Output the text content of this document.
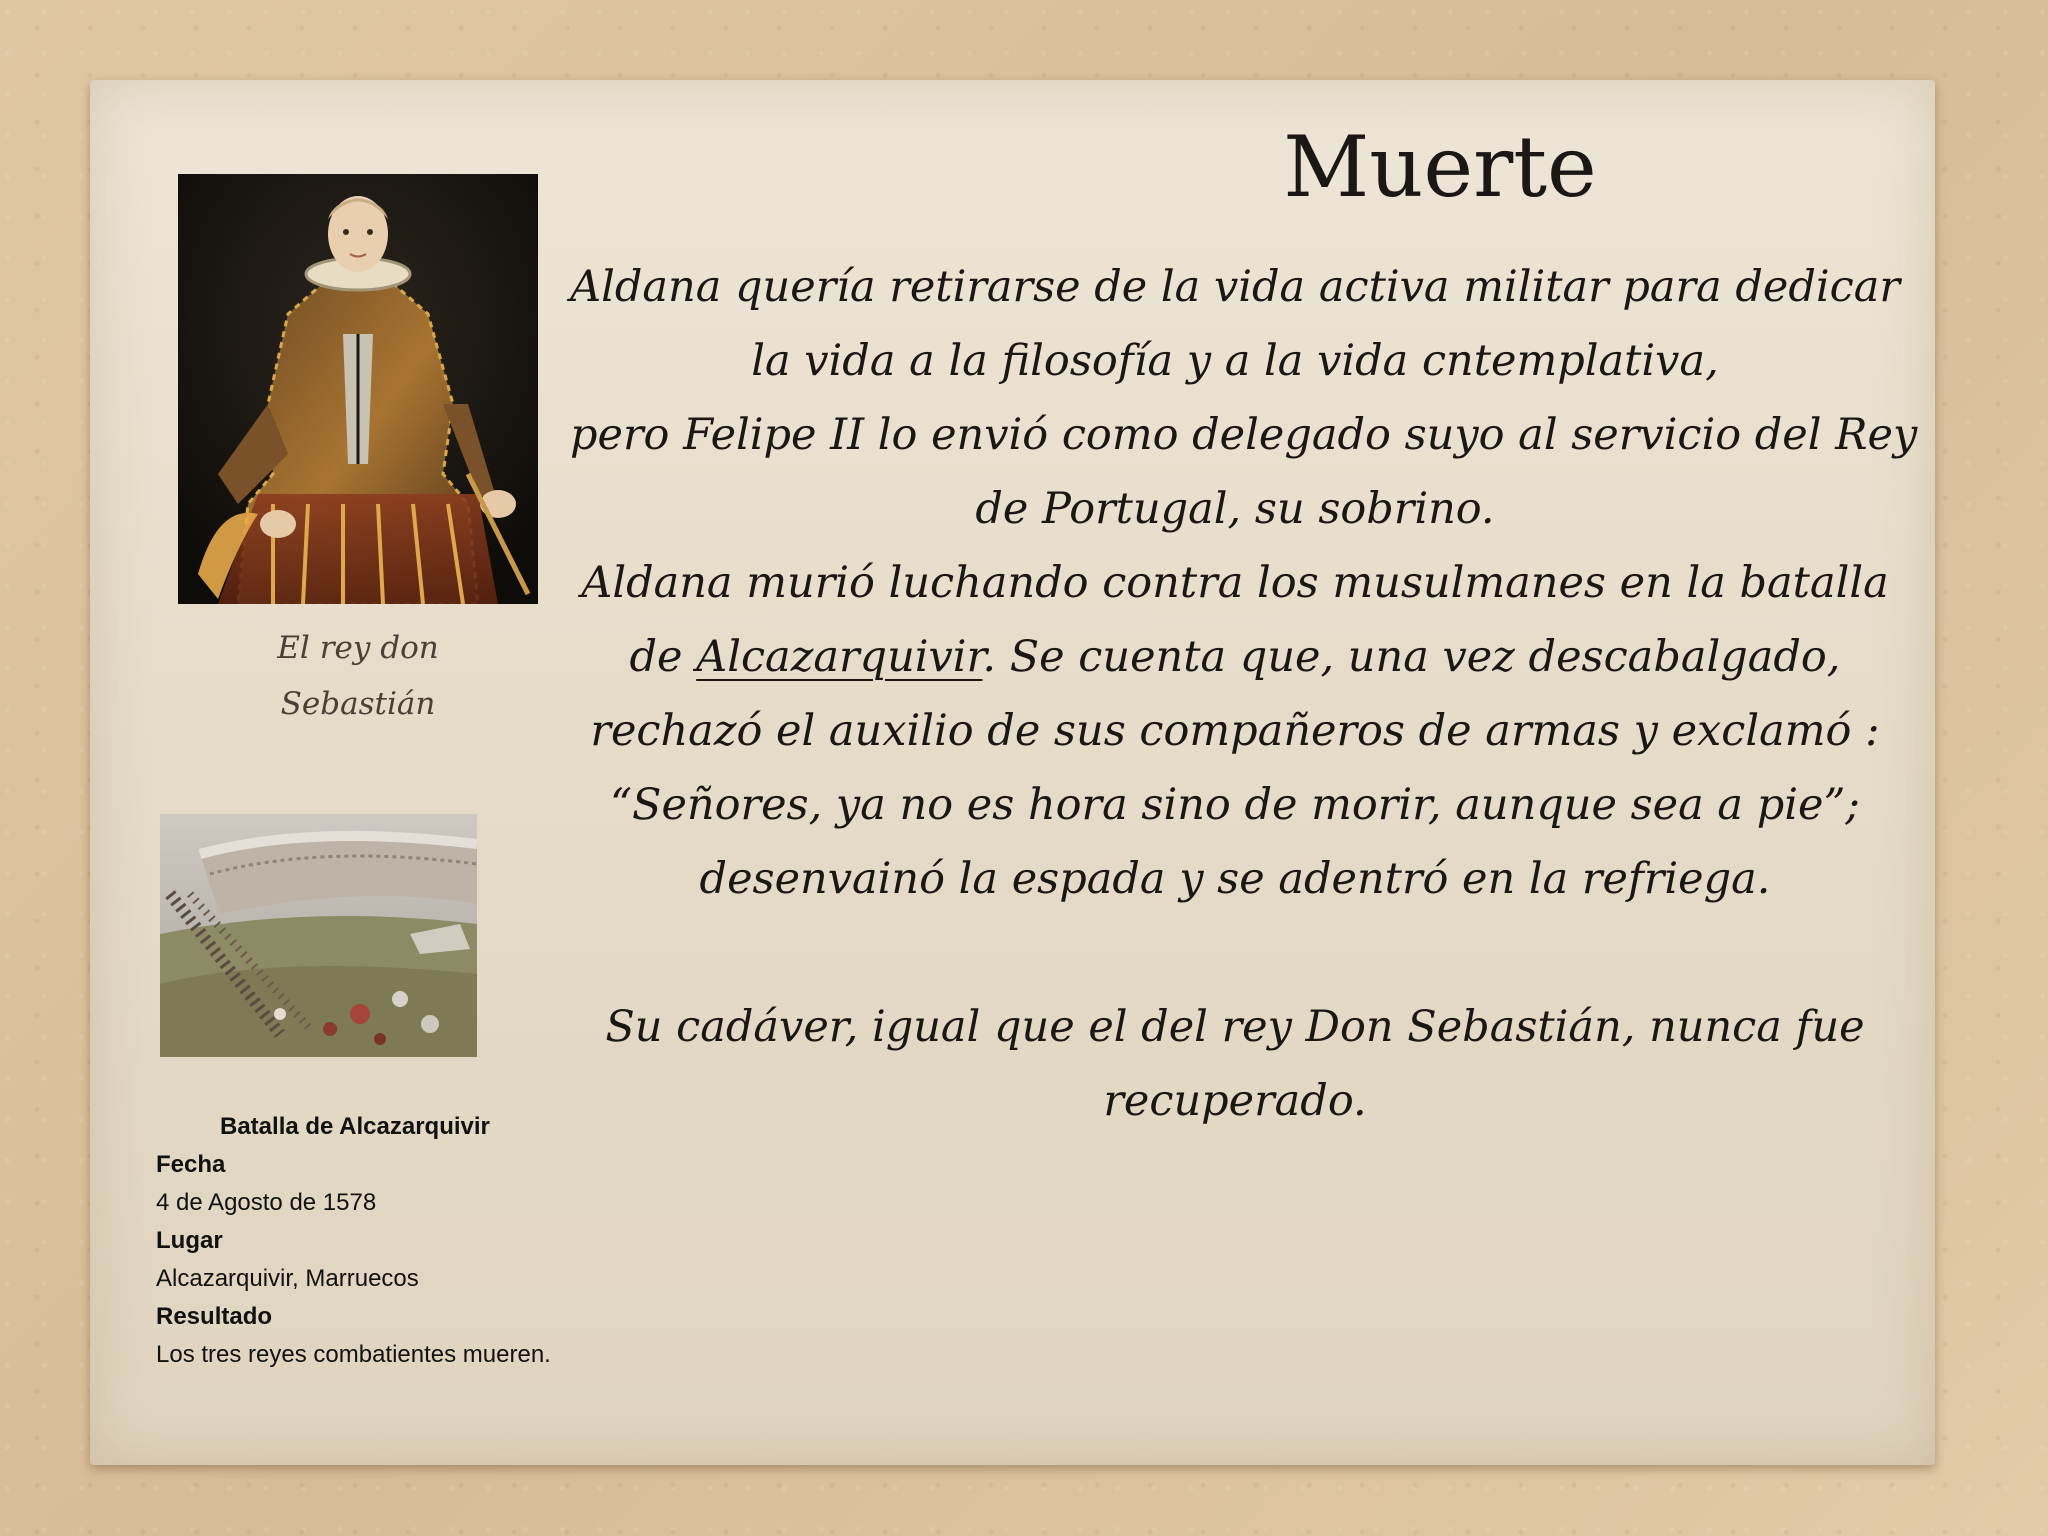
El rey don
Sebastián
Muerte
Aldana quería retirarse de la vida activa militar para dedicar
la vida a la filosofía y a la vida cntemplativa,
pero Felipe II lo envió como delegado suyo al servicio del Rey
de Portugal, su sobrino.
Aldana murió luchando contra los musulmanes en la batalla
de Alcazarquivir. Se cuenta que, una vez descabalgado,
rechazó el auxilio de sus compañeros de armas y exclamó :
“Señores, ya no es hora sino de morir, aunque sea a pie”;
desenvainó la espada y se adentró en la refriega.
Su cadáver, igual que el del rey Don Sebastián, nunca fue
recuperado.
Batalla de Alcazarquivir
Fecha
4 de Agosto de 1578
Lugar
Alcazarquivir, Marruecos
Resultado
Los tres reyes combatientes mueren.
